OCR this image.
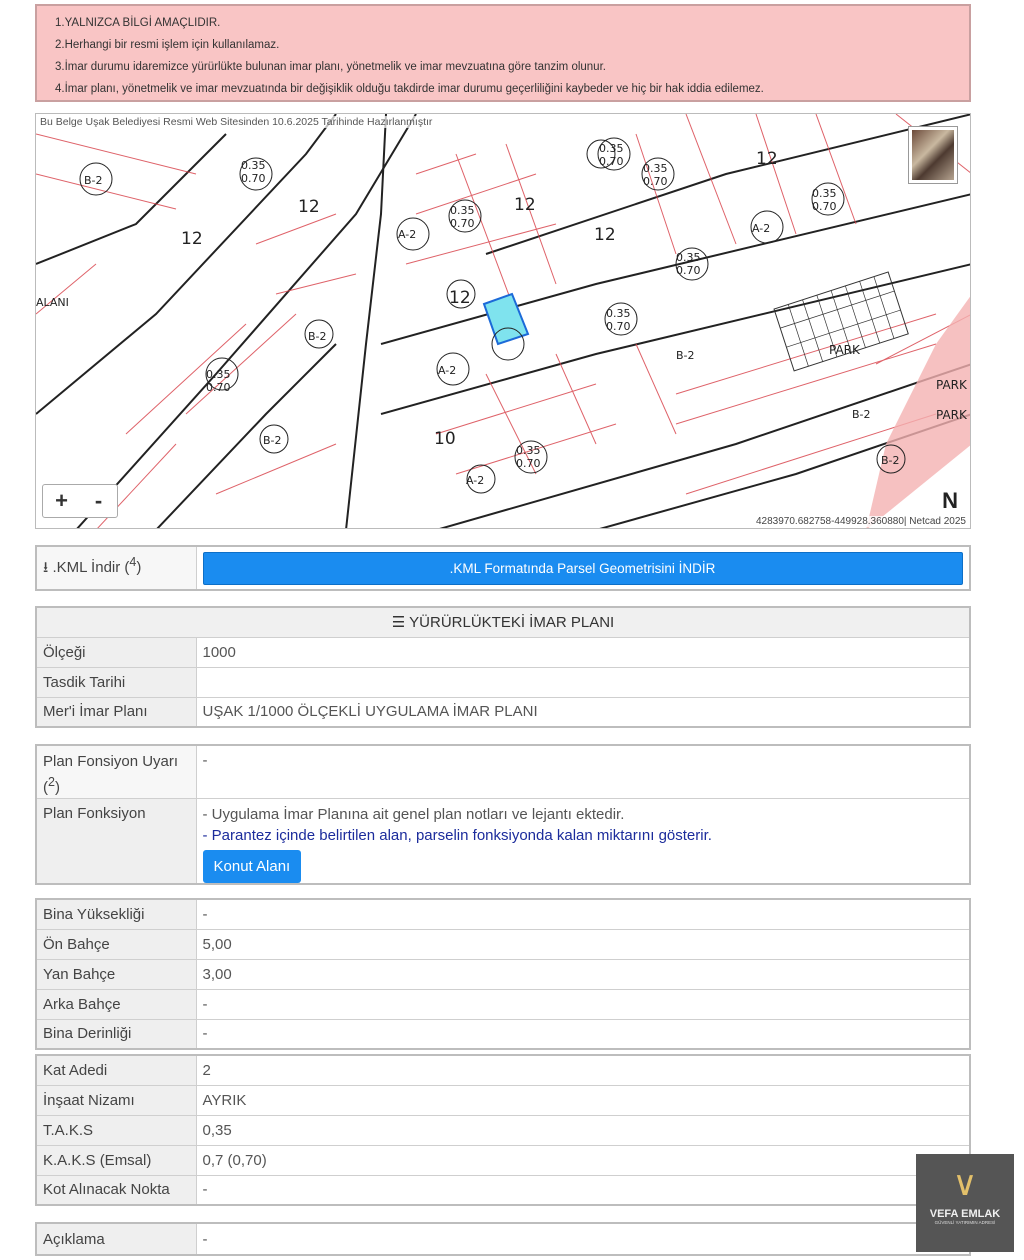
1.YALNIZCA BİLGİ AMAÇLIDIR.
2.Herhangi bir resmi işlem için kullanılamaz.
3.İmar durumu idaremizce yürürlükte bulunan imar planı, yönetmelik ve imar mevzuatına göre tanzim olunur.
4.İmar planı, yönetmelik ve imar mevzuatında bir değişiklik olduğu takdirde imar durumu geçerliliğini kaybeder ve hiç bir hak iddia edilemez.
B-2
0.35
0.70
A-2
0.35
0.70
0.35
0.70
0.35
0.70
0.35
0.70
0.35
0.70
0.35
0.70
0.35
0.70
0.35
0.70
A-2
A-2
A-2
B-2
B-2
B-2
B-2
B-2
ALANI
12	12
12
12
12
10
12
PARK
PARK
PARK
Bu Belge Uşak Belediyesi Resmi Web Sitesinden 10.6.2025 Tarihinde Hazırlanmıştır
+	-	N
4283970.682758-449928.360880| Netcad 2025
⭳ .KML İndir ($^4$)	.KML Formatında Parsel Geometrisini İNDİR
☰ YÜRÜRLÜKTEKİ İMAR PLANI	
Ölçeği	1000
Tasdik Tarihi	
Mer'i İmar Planı	UŞAK 1/1000 ÖLÇEKLİ UYGULAMA İMAR PLANI
Plan Fonsiyon Uyarı
($^2$)	-
Plan Fonksiyon	- Uygulama İmar Planına ait genel plan notları ve lejantı ektedir.
- Parantez içinde belirtilen alan, parselin fonksiyonda kalan miktarını gösterir.
Konut Alanı
Bina Yüksekliği	-
Ön Bahçe	5,00
Yan Bahçe	3,00
Arka Bahçe	-
Bina Derinliği	-
Kat Adedi	2
İnşaat Nizamı	AYRIK
T.A.K.S	0,35
K.A.K.S (Emsal)	0,7 (0,70)
Kot Alınacak Nokta	-
Açıklama	-
∨
VEFA EMLAK
GÜVENLİ YATIRIMIN ADRESİ
